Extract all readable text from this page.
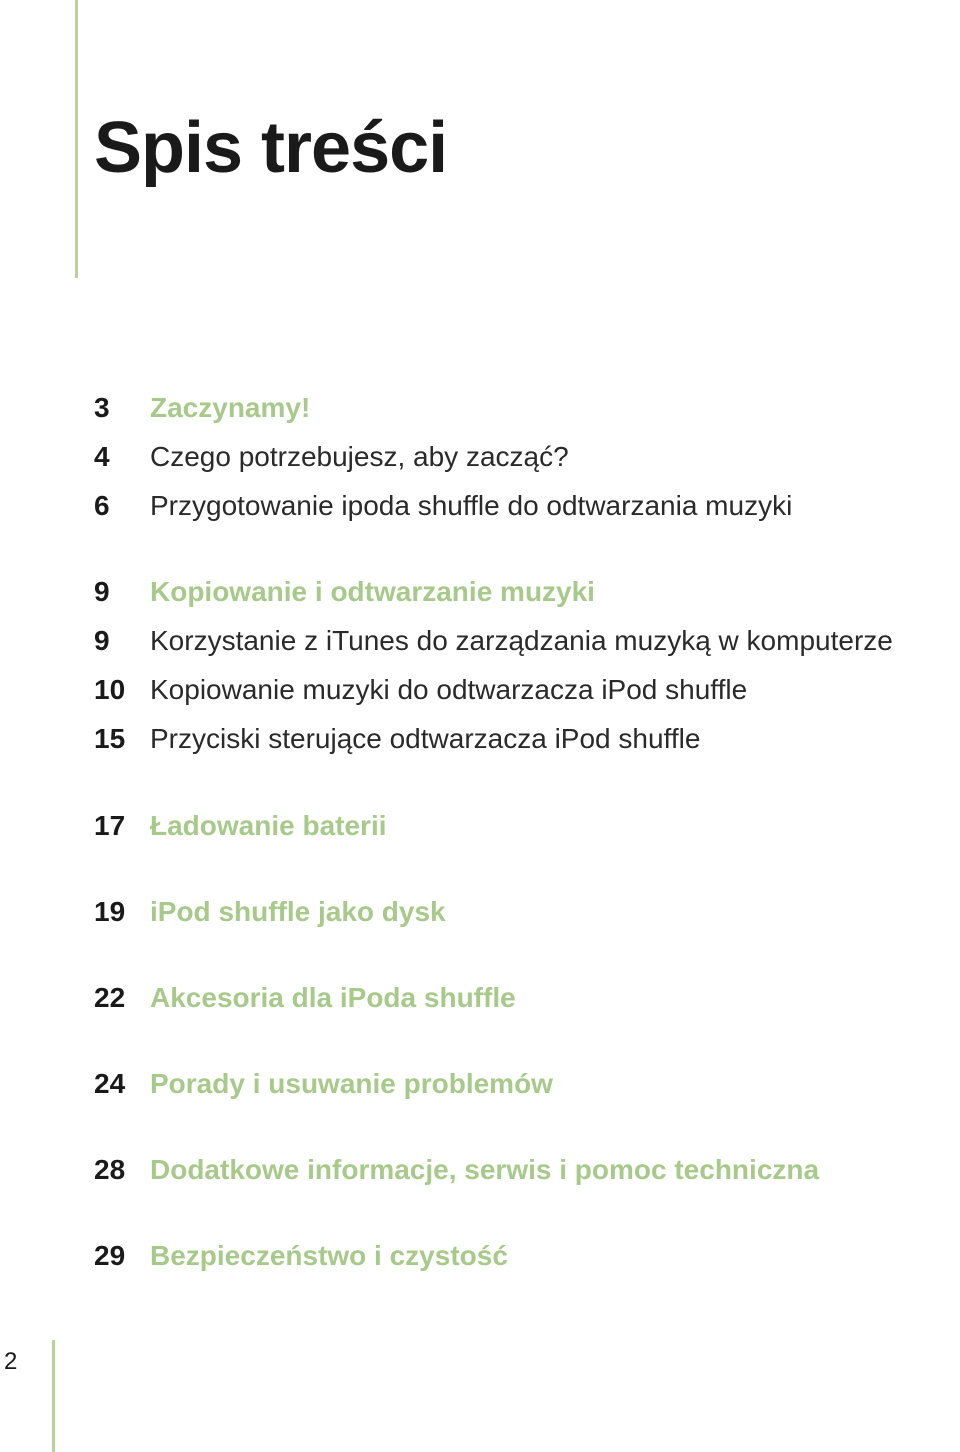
Spis treści
3	Zaczynamy!
4	Czego potrzebujesz, aby zacząć?
6	Przygotowanie ipoda shuffle do odtwarzania muzyki
9	Kopiowanie i odtwarzanie muzyki
9	Korzystanie z iTunes do zarządzania muzyką w komputerze
10 Kopiowanie muzyki do odtwarzacza iPod shuffle
15 Przyciski sterujące odtwarzacza iPod shuffle
17 Ładowanie baterii
19 iPod shuffle jako dysk
22 Akcesoria dla iPoda shuffle
24 Porady i usuwanie problemów
28 Dodatkowe informacje, serwis i pomoc techniczna
29 Bezpieczeństwo i czystość
2
